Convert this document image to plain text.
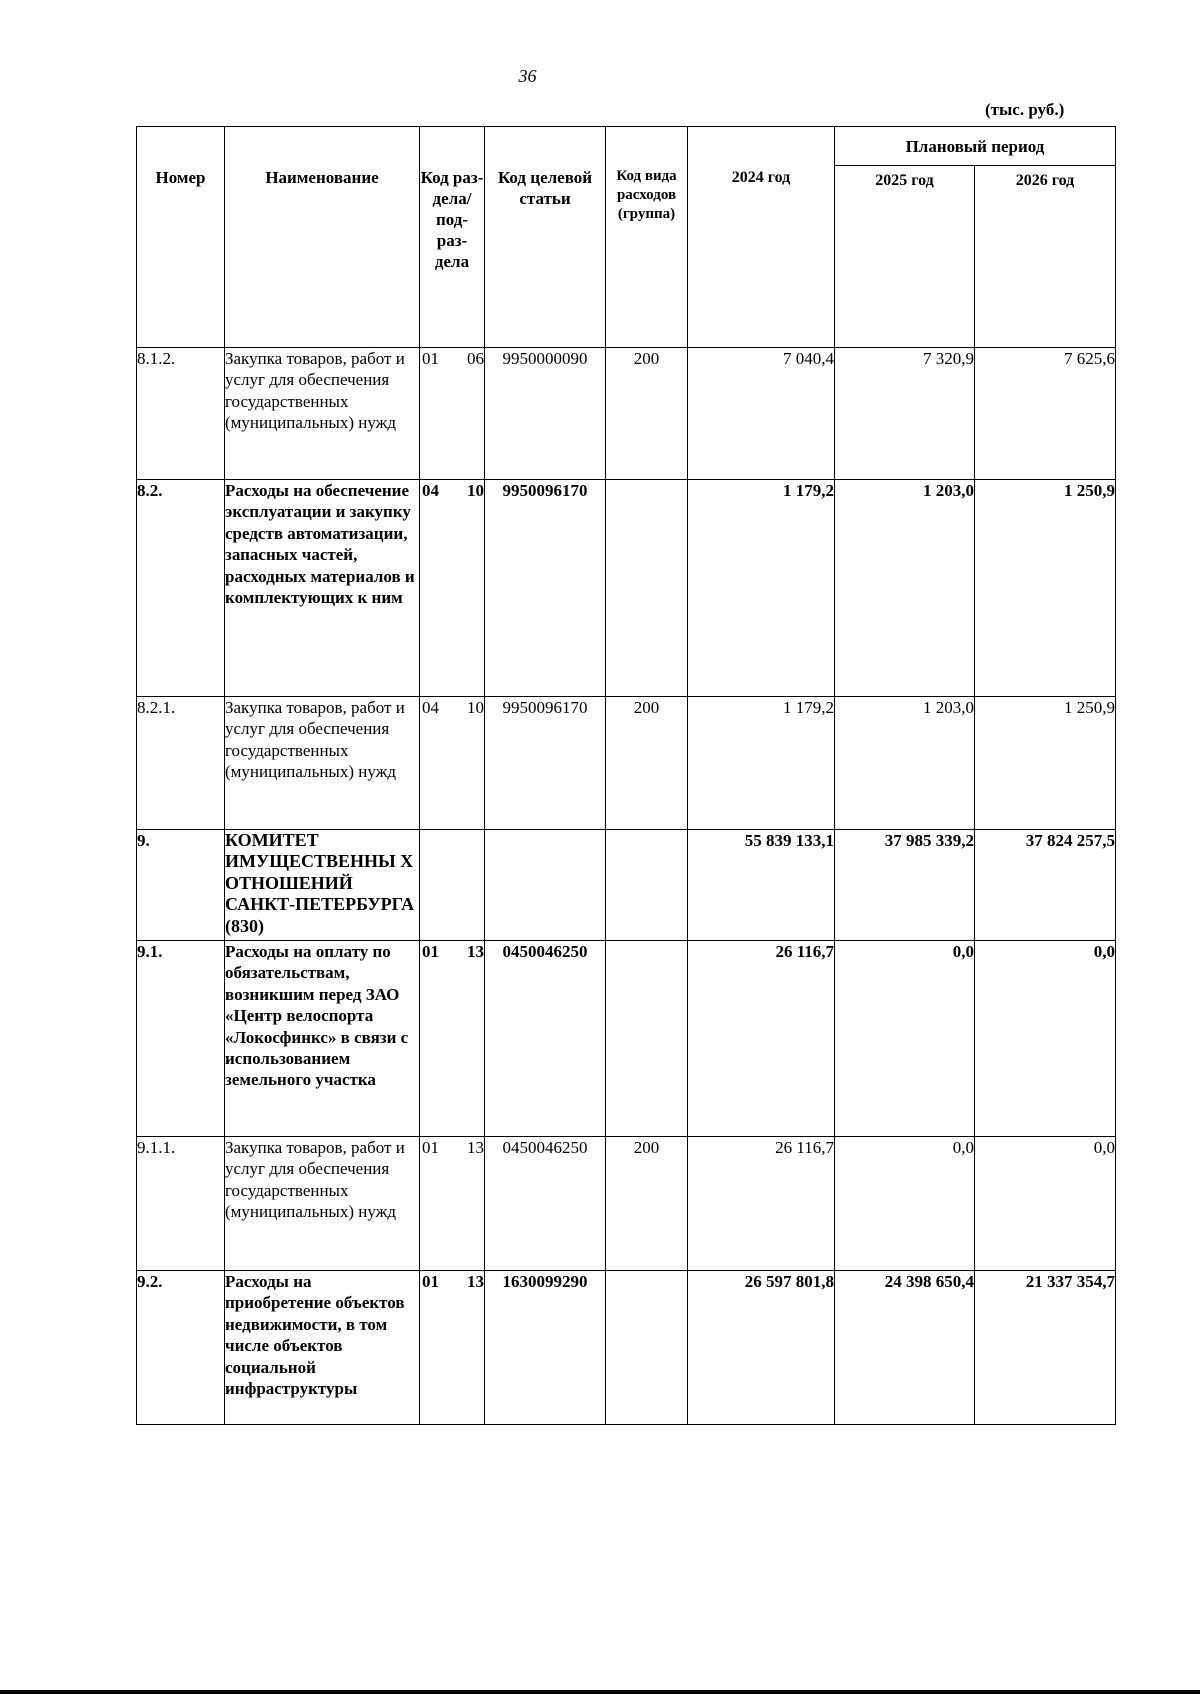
36
(тыс. руб.)
Номер	Наименование	Код раз- дела/ под- раз- дела	Код целевой статьи	Код вида расходов (группа)	2024 год	Плановый период	
						2025 год	2026 год
8.1.2.	Закупка товаров, работ и услуг для обеспечения государственных (муниципальных) нужд	01 06	9950000090	200	7 040,4	7 320,9	7 625,6
8.2.	Расходы на обеспечение эксплуатации и закупку средств автоматизации, запасных частей, расходных материалов и комплектующих к ним	04 10	9950096170		1 179,2	1 203,0	1 250,9
8.2.1.	Закупка товаров, работ и услуг для обеспечения государственных (муниципальных) нужд	04 10	9950096170	200	1 179,2	1 203,0	1 250,9
9.	КОМИТЕТ ИМУЩЕСТВЕННЫ Х ОТНОШЕНИЙ САНКТ-ПЕТЕРБУРГА (830)				55 839 133,1	37 985 339,2	37 824 257,5
9.1.	Расходы на оплату по обязательствам, возникшим перед ЗАО «Центр велоспорта «Локосфинкс» в связи с использованием земельного участка	01 13	0450046250		26 116,7	0,0	0,0
9.1.1.	Закупка товаров, работ и услуг для обеспечения государственных (муниципальных) нужд	01 13	0450046250	200	26 116,7	0,0	0,0
9.2.	Расходы на приобретение объектов недвижимости, в том числе объектов социальной инфраструктуры	01 13	1630099290		26 597 801,8	24 398 650,4	21 337 354,7
